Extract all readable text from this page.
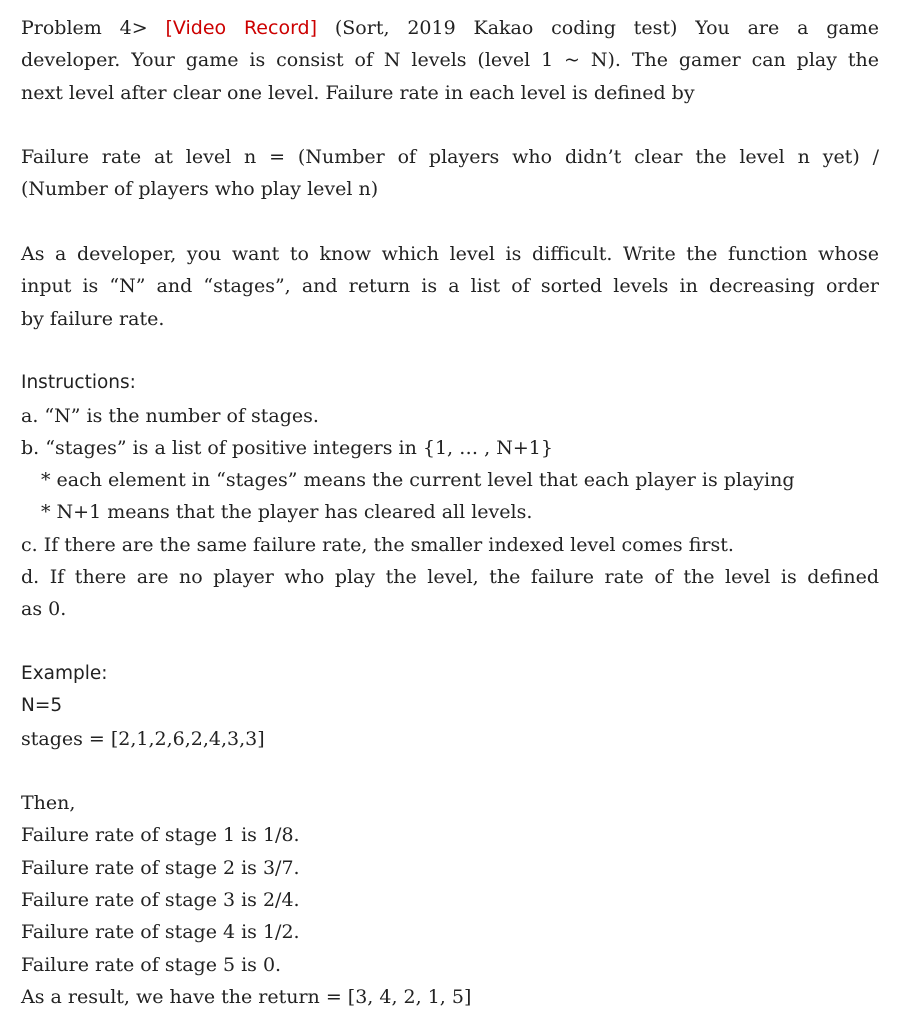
Problem 4> [Video Record] (Sort, 2019 Kakao coding test) You are a game
developer. Your game is consist of N levels (level 1 ~ N). The gamer can play the
next level after clear one level. Failure rate in each level is defined by
Failure rate at level n = (Number of players who didn’t clear the level n yet) /
(Number of players who play level n)
As a developer, you want to know which level is difficult. Write the function whose
input is “N” and “stages”, and return is a list of sorted levels in decreasing order
by failure rate.
Instructions:
a. “N” is the number of stages.
b. “stages” is a list of positive integers in {1, … , N+1}
* each element in “stages” means the current level that each player is playing
* N+1 means that the player has cleared all levels.
c. If there are the same failure rate, the smaller indexed level comes first.
d. If there are no player who play the level, the failure rate of the level is defined
as 0.
Example:
N=5
stages = [2,1,2,6,2,4,3,3]
Then,
Failure rate of stage 1 is 1/8.
Failure rate of stage 2 is 3/7.
Failure rate of stage 3 is 2/4.
Failure rate of stage 4 is 1/2.
Failure rate of stage 5 is 0.
As a result, we have the return = [3, 4, 2, 1, 5]
